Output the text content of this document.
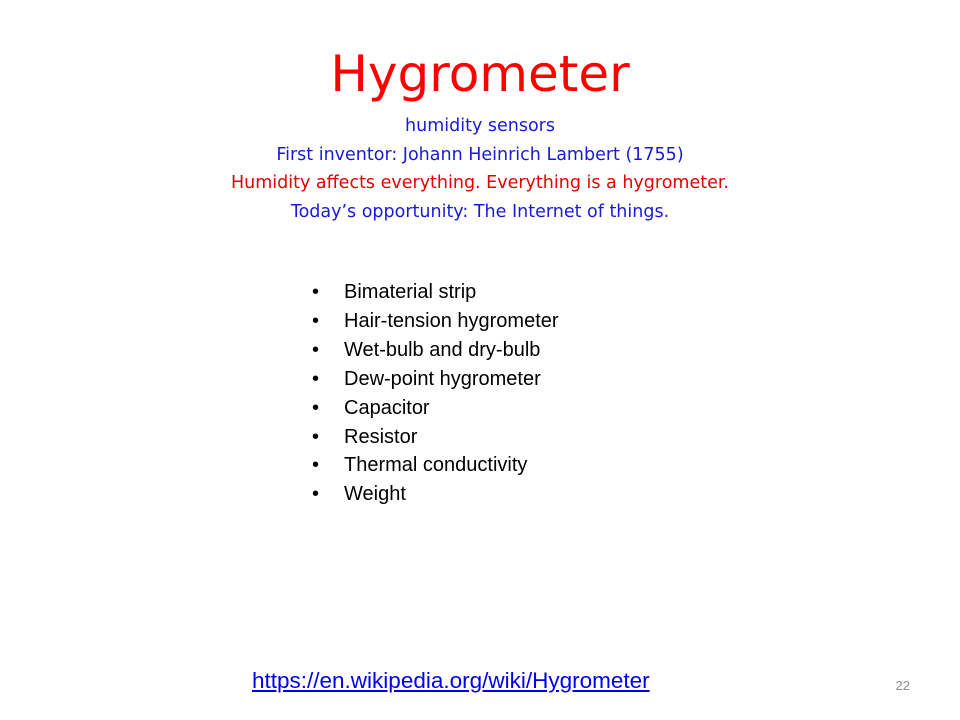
Hygrometer
humidity sensors
First inventor: Johann Heinrich Lambert (1755)
Humidity affects everything. Everything is a hygrometer.
Today’s opportunity: The Internet of things.
• Bimaterial strip
• Hair-tension hygrometer
• Wet-bulb and dry-bulb
• Dew-point hygrometer
• Capacitor
• Resistor
• Thermal conductivity
• Weight
https://en.wikipedia.org/wiki/Hygrometer	22
